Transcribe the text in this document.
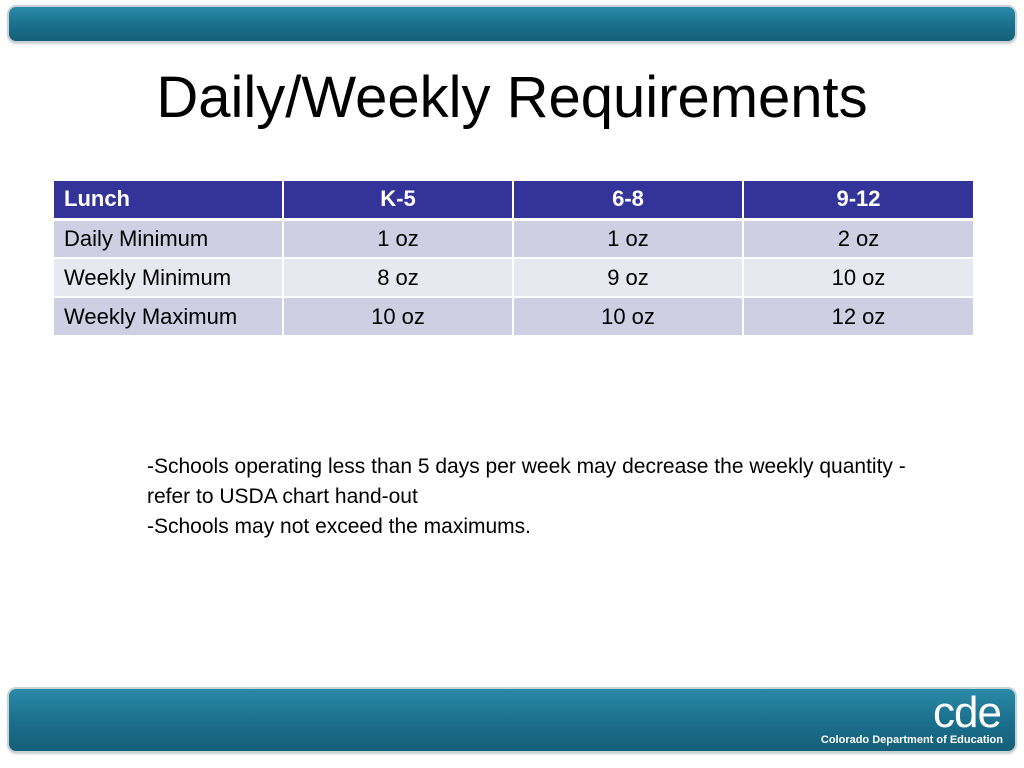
Daily/Weekly Requirements
Lunch	K-5	6-8	9-12
Daily Minimum	1 oz	1 oz	2 oz
Weekly Minimum	8 oz	9 oz	10 oz
Weekly Maximum	10 oz	10 oz	12 oz

-Schools operating less than 5 days per week may decrease the weekly quantity - refer to USDA chart hand-out

-Schools may not exceed the maximums.

cde
Colorado Department of Education
